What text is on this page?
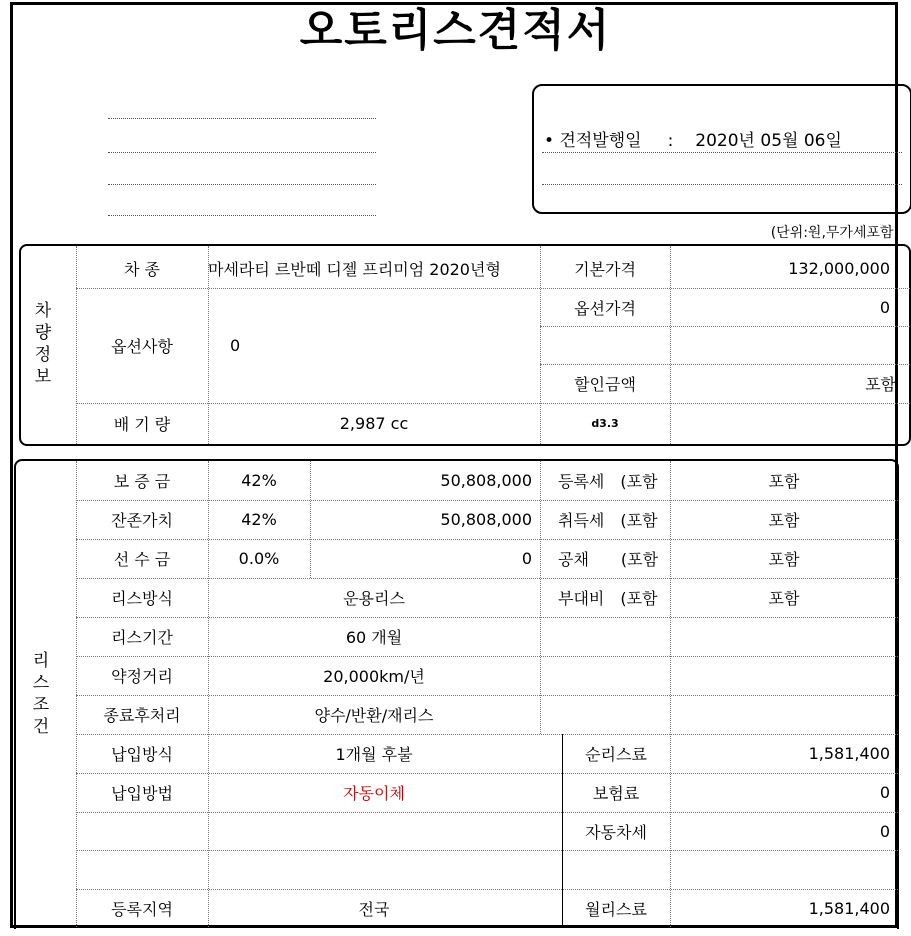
오토리스견적서
• 견적발행일 : 2020년 05월 06일
(단위:원,무가세포함)
차량정보
차 종	마세라티 르반떼 디젤 프리미엄 2020년형	기본가격	132,000,000
옵션사항	0
옵션가격	0
할인금액	포함
배 기 량	2,987 cc	d3.3
리스조건
보 증 금	42%	50,808,000 등록세 (포함	포함
잔존가치	42%	50,808,000 취득세 (포함	포함
선 수 금	0.0%	0 공채 (포함	포함
리스방식	운용리스	부대비 (포함	포함
리스기간	60 개월
약정거리	20,000km/년
종료후처리	양수/반환/재리스
납입방식	1개월 후불	순리스료	1,581,400
납입방법	자동이체	보험료	0
자동차세	0
등록지역	전국	월리스료	1,581,400
